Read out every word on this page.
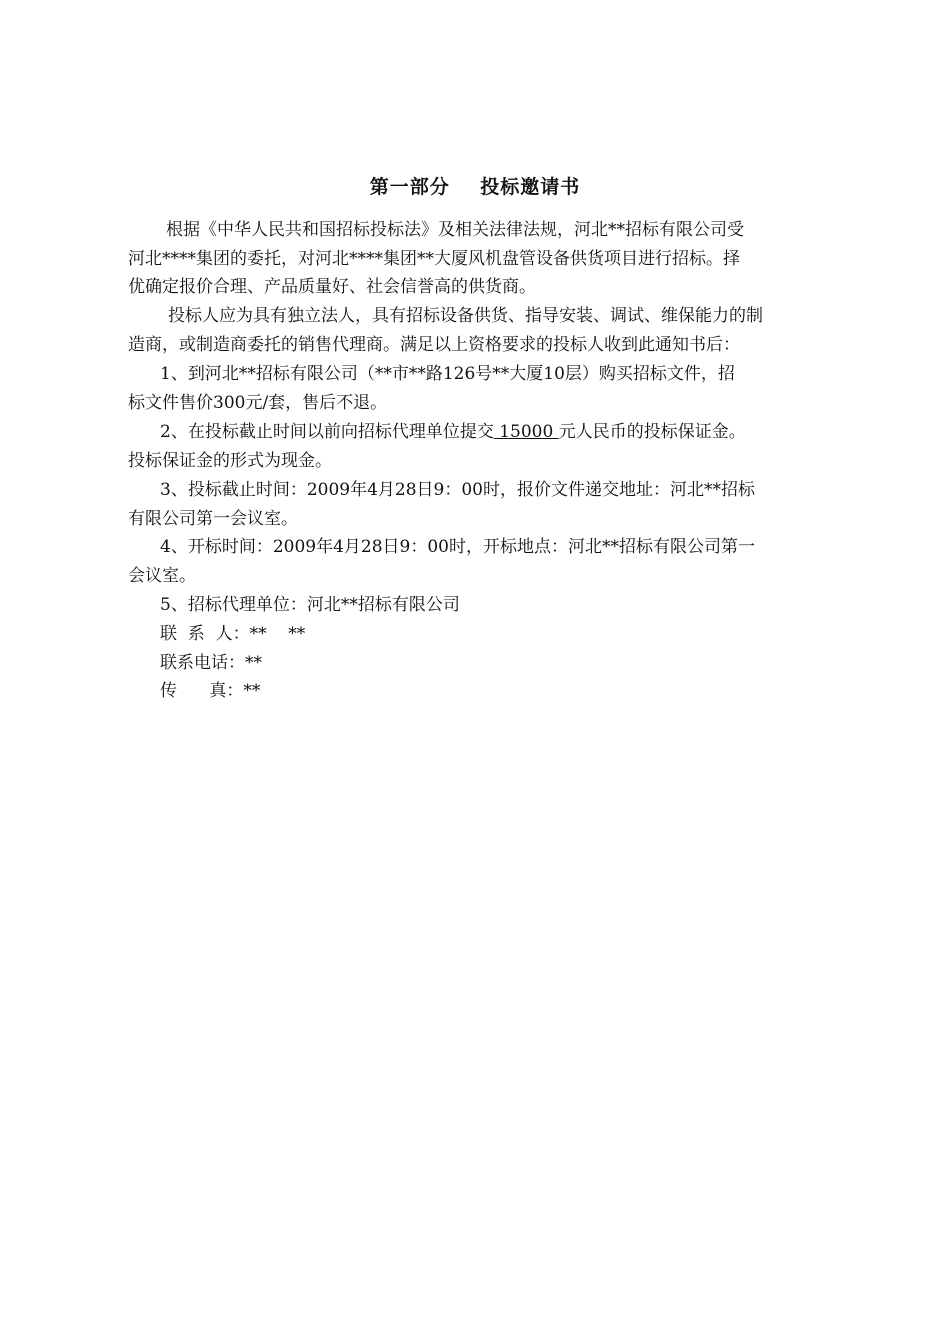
第一部分    投标邀请书
根据《中华人民共和国招标投标法》及相关法律法规，河北**招标有限公司受
河北****集团的委托，对河北****集团**大厦风机盘管设备供货项目进行招标。择
优确定报价合理、产品质量好、社会信誉高的供货商。
投标人应为具有独立法人，具有招标设备供货、指导安装、调试、维保能力的制
造商，或制造商委托的销售代理商。满足以上资格要求的投标人收到此通知书后：
1、到河北**招标有限公司（**市**路126号**大厦10层）购买招标文件，招
标文件售价300元/套，售后不退。
2、在投标截止时间以前向招标代理单位提交 15000 元人民币的投标保证金。
投标保证金的形式为现金。
3、投标截止时间：2009年4月28日9：00时，报价文件递交地址：河北**招标
有限公司第一会议室。
4、开标时间：2009年4月28日9：00时，开标地点：河北**招标有限公司第一
会议室。
5、招标代理单位：河北**招标有限公司
联  系  人：**    **
联系电话：**
传      真：**
